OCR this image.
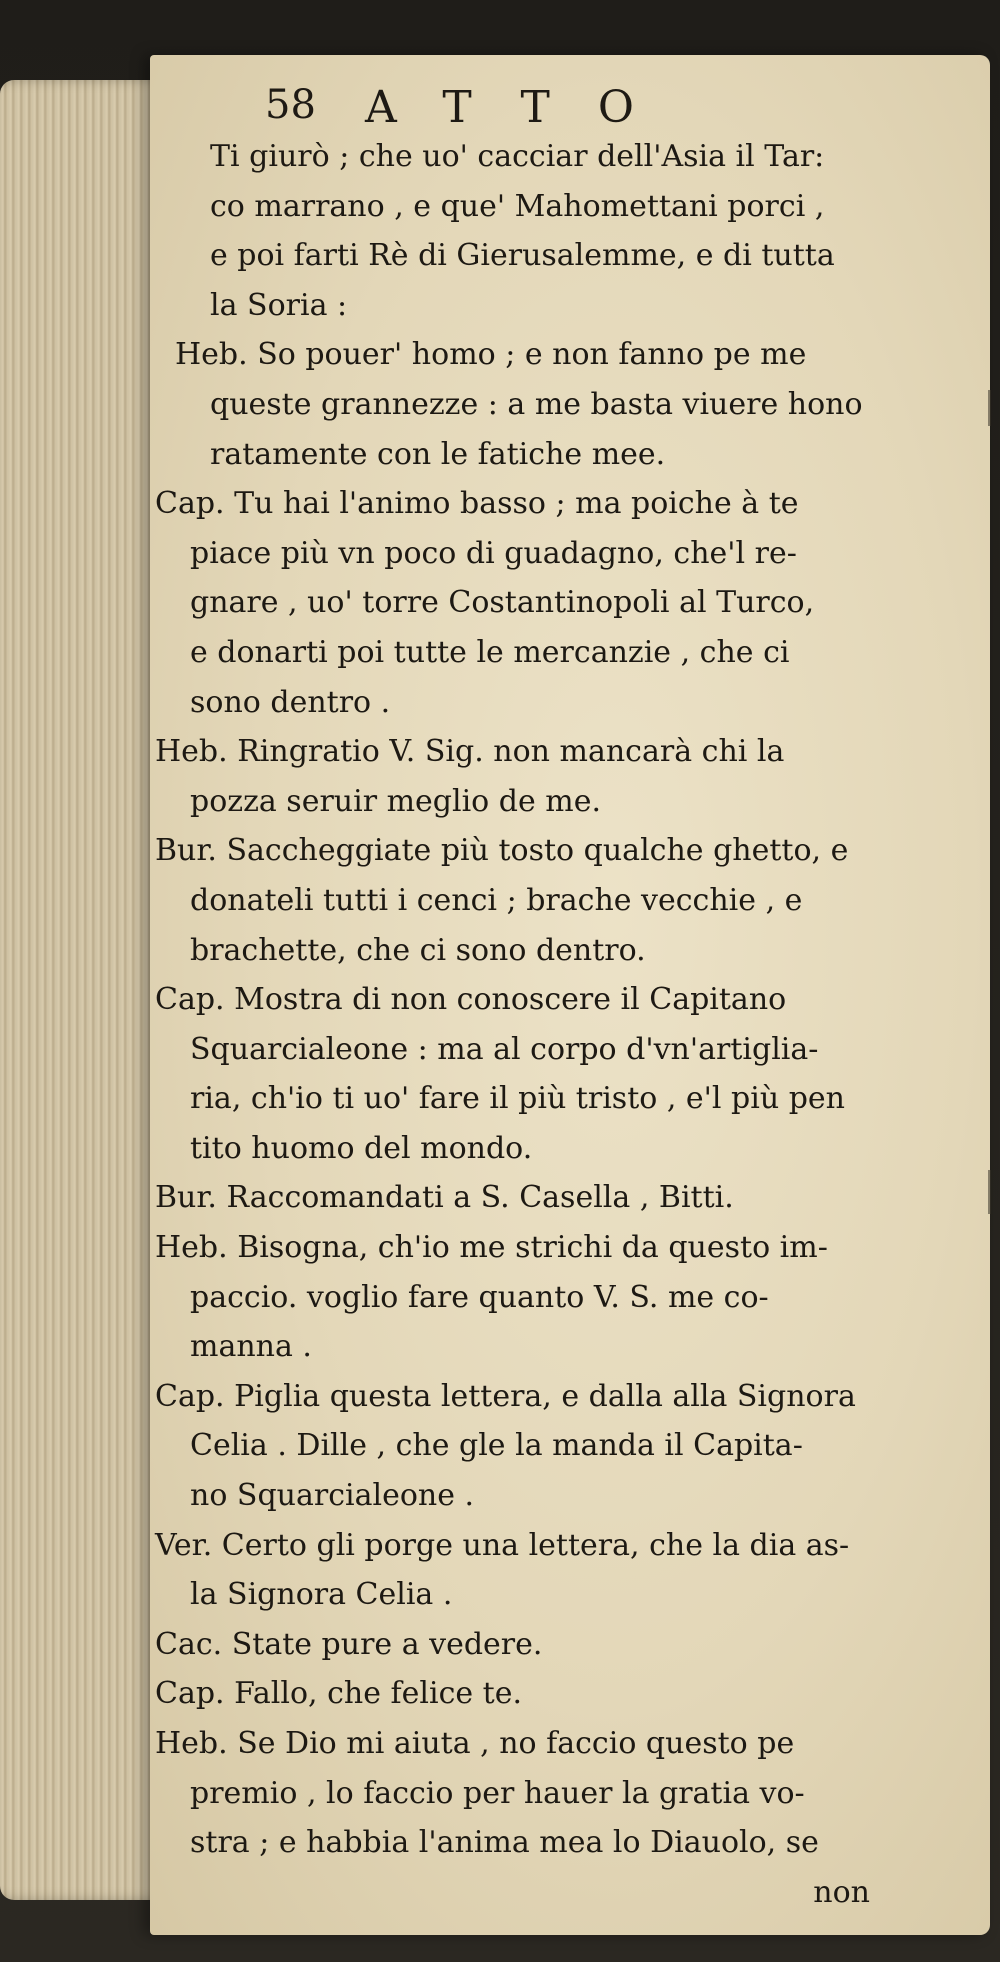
58 ATTO
Ti giurò ; che uo' cacciar dell'Asia il Tar:
co marrano , e que' Mahomettani porci ,
e poi farti Rè di Gierusalemme, e di tutta
la Soria :
Heb. So pouer' homo ; e non fanno pe me
queste grannezze : a me basta viuere hono
ratamente con le fatiche mee.
Cap. Tu hai l'animo basso ; ma poiche à te
piace più vn poco di guadagno, che'l re-
gnare , uo' torre Costantinopoli al Turco,
e donarti poi tutte le mercanzie , che ci
sono dentro .
Heb. Ringratio V. Sig. non mancarà chi la
pozza seruir meglio de me.
Bur. Saccheggiate più tosto qualche ghetto, e
donateli tutti i cenci ; brache vecchie , e
brachette, che ci sono dentro.
Cap. Mostra di non conoscere il Capitano
Squarcialeone : ma al corpo d'vn'artiglia-
ria, ch'io ti uo' fare il più tristo , e'l più pen
tito huomo del mondo.
Bur. Raccomandati a S. Casella , Bitti.
Heb. Bisogna, ch'io me strichi da questo im-
paccio. voglio fare quanto V. S. me co-
manna .
Cap. Piglia questa lettera, e dalla alla Signora
Celia . Dille , che gle la manda il Capita-
no Squarcialeone .
Ver. Certo gli porge una lettera, che la dia as-
la Signora Celia .
Cac. State pure a vedere.
Cap. Fallo, che felice te.
Heb. Se Dio mi aiuta , no faccio questo pe
premio , lo faccio per hauer la gratia vo-
stra ; e habbia l'anima mea lo Diauolo, se
non
